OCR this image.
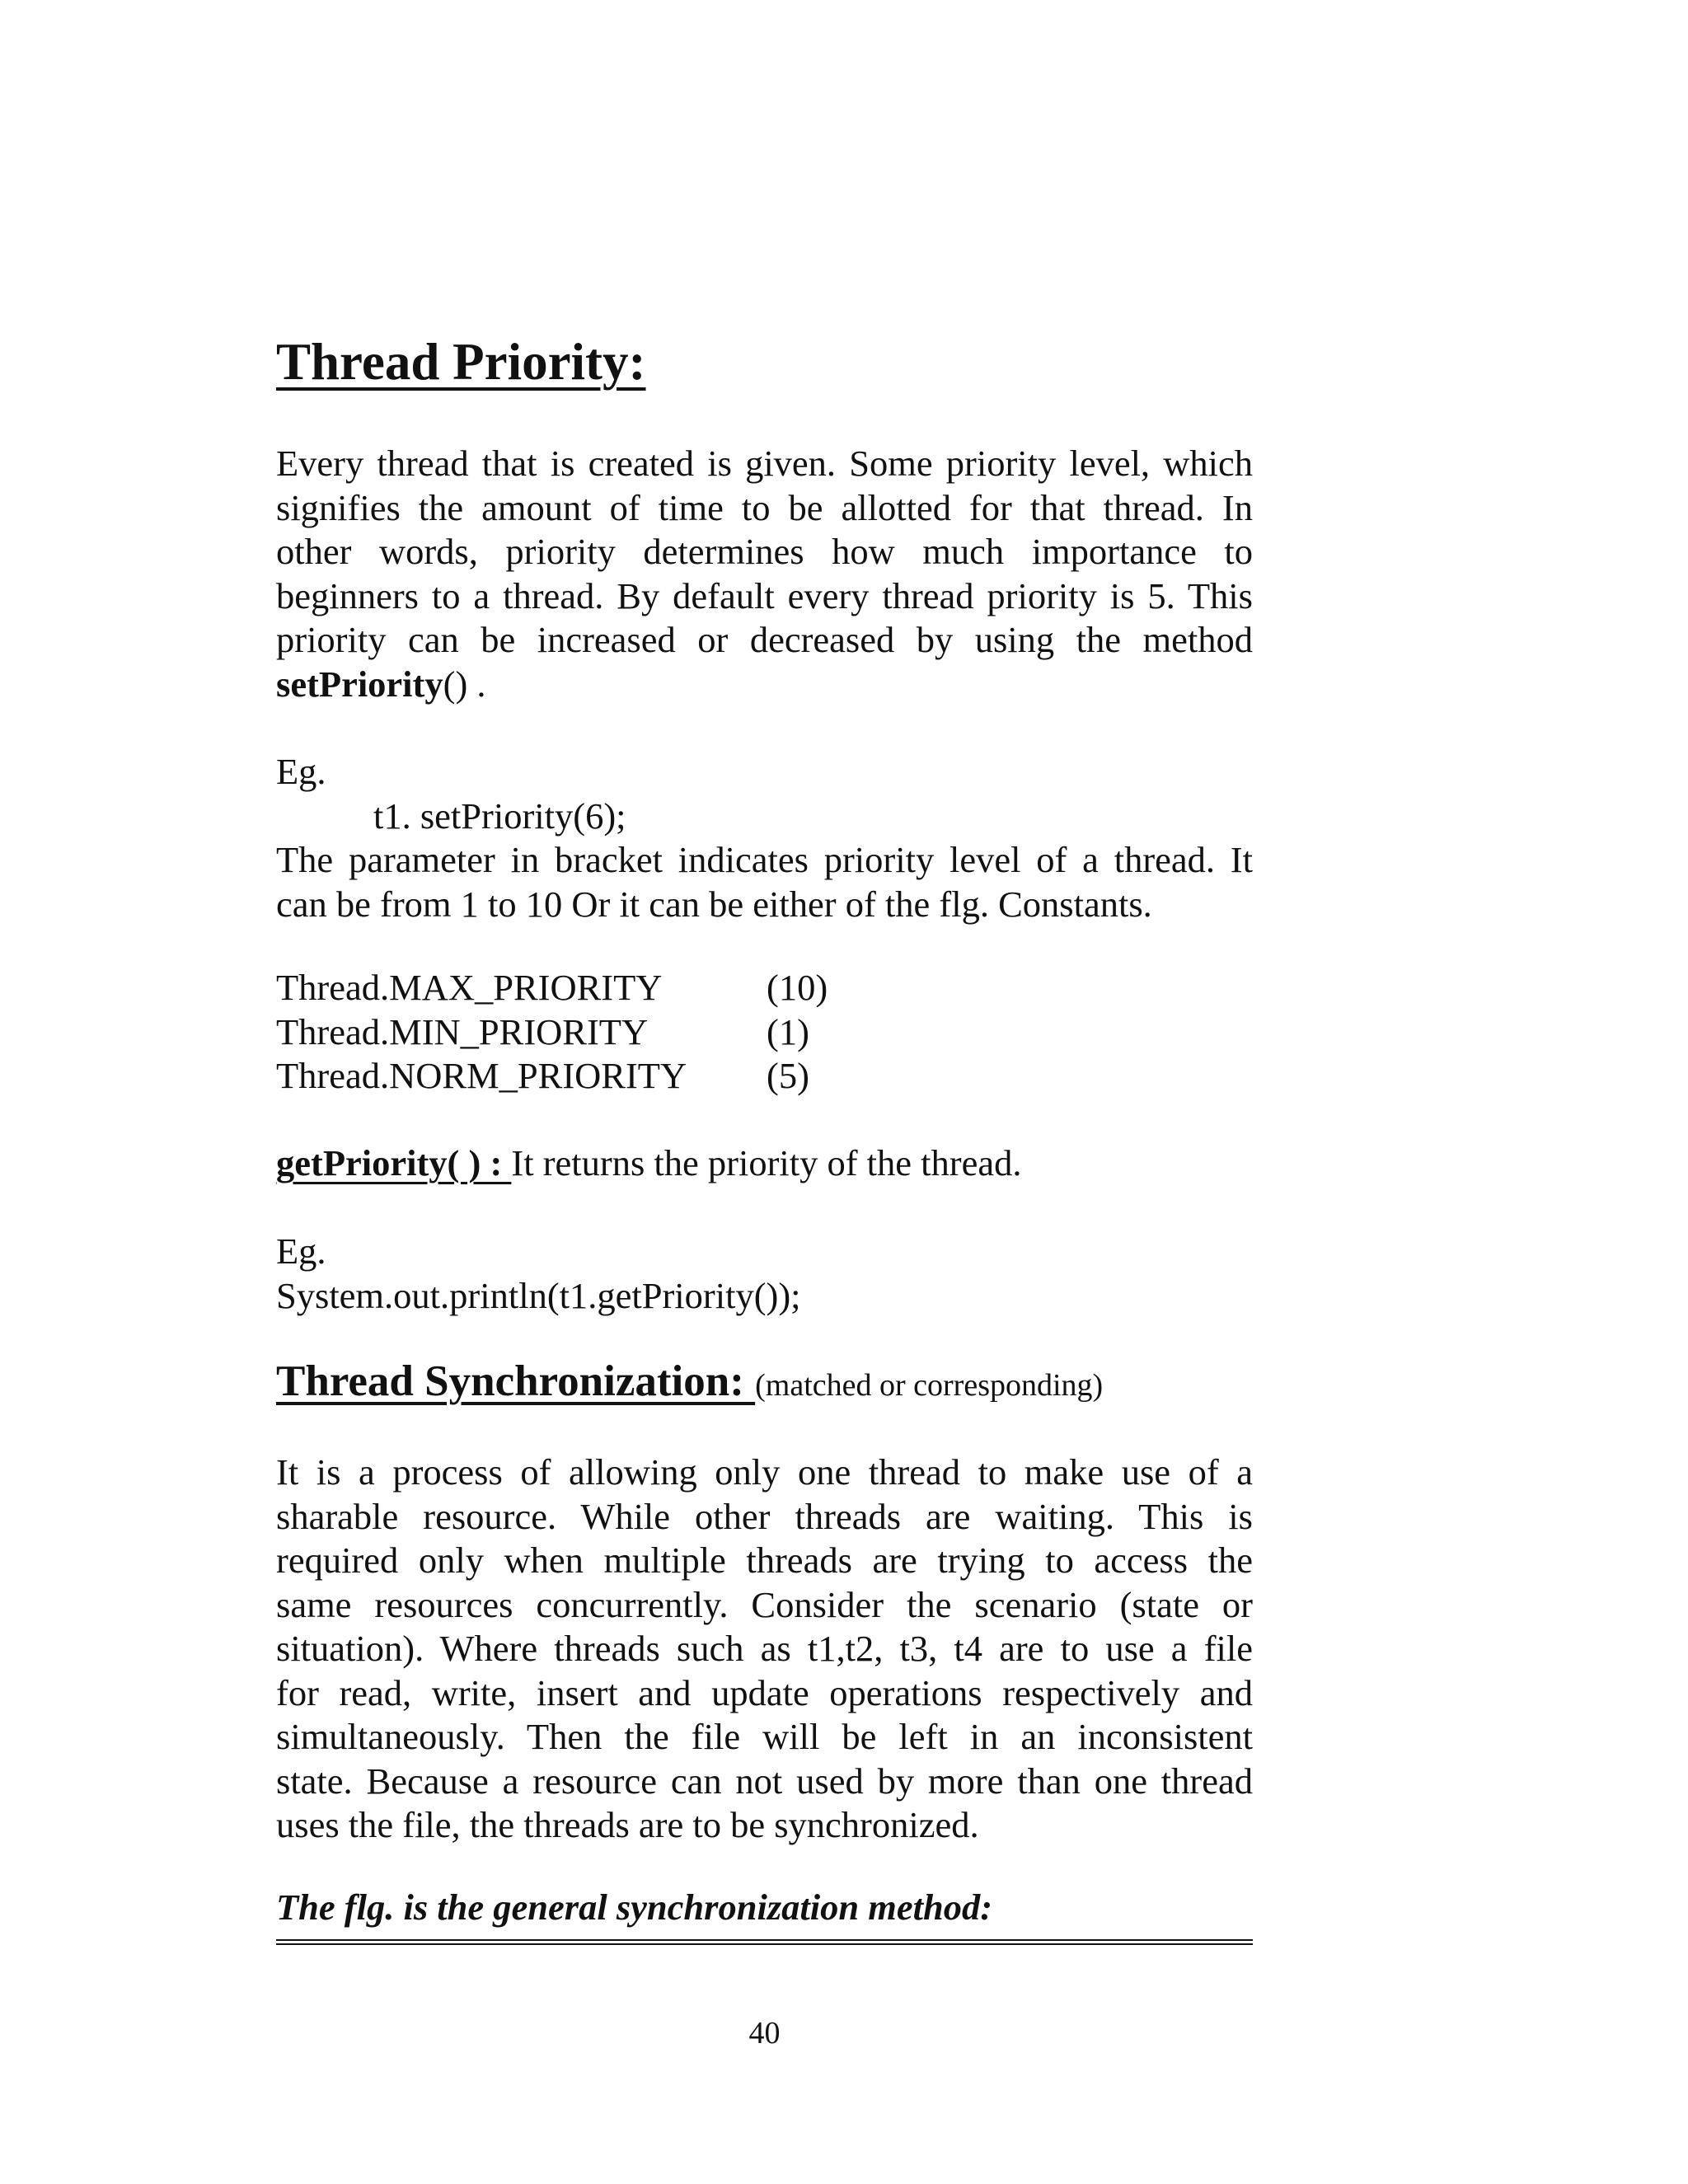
Thread Priority:
Every thread that is created is given. Some priority level, which
signifies the amount of time to be allotted for that thread. In
other words, priority determines how much importance to
beginners to a thread. By default every thread priority is 5. This
priority can be increased or decreased by using the method
setPriority() .
Eg.
t1. setPriority(6);
The parameter in bracket indicates priority level of a thread. It
can be from 1 to 10 Or it can be either of the flg. Constants.
Thread.MAX_PRIORITY	(10)
Thread.MIN_PRIORITY	(1)
Thread.NORM_PRIORITY	(5)
getPriority( ) : It returns the priority of the thread.
Eg.
System.out.println(t1.getPriority());
Thread Synchronization: (matched or corresponding)
It is a process of allowing only one thread to make use of a
sharable resource. While other threads are waiting. This is
required only when multiple threads are trying to access the
same resources concurrently. Consider the scenario (state or
situation). Where threads such as t1,t2, t3, t4 are to use a file
for read, write, insert and update operations respectively and
simultaneously. Then the file will be left in an inconsistent
state. Because a resource can not used by more than one thread
uses the file, the threads are to be synchronized.
The flg. is the general synchronization method:
40
